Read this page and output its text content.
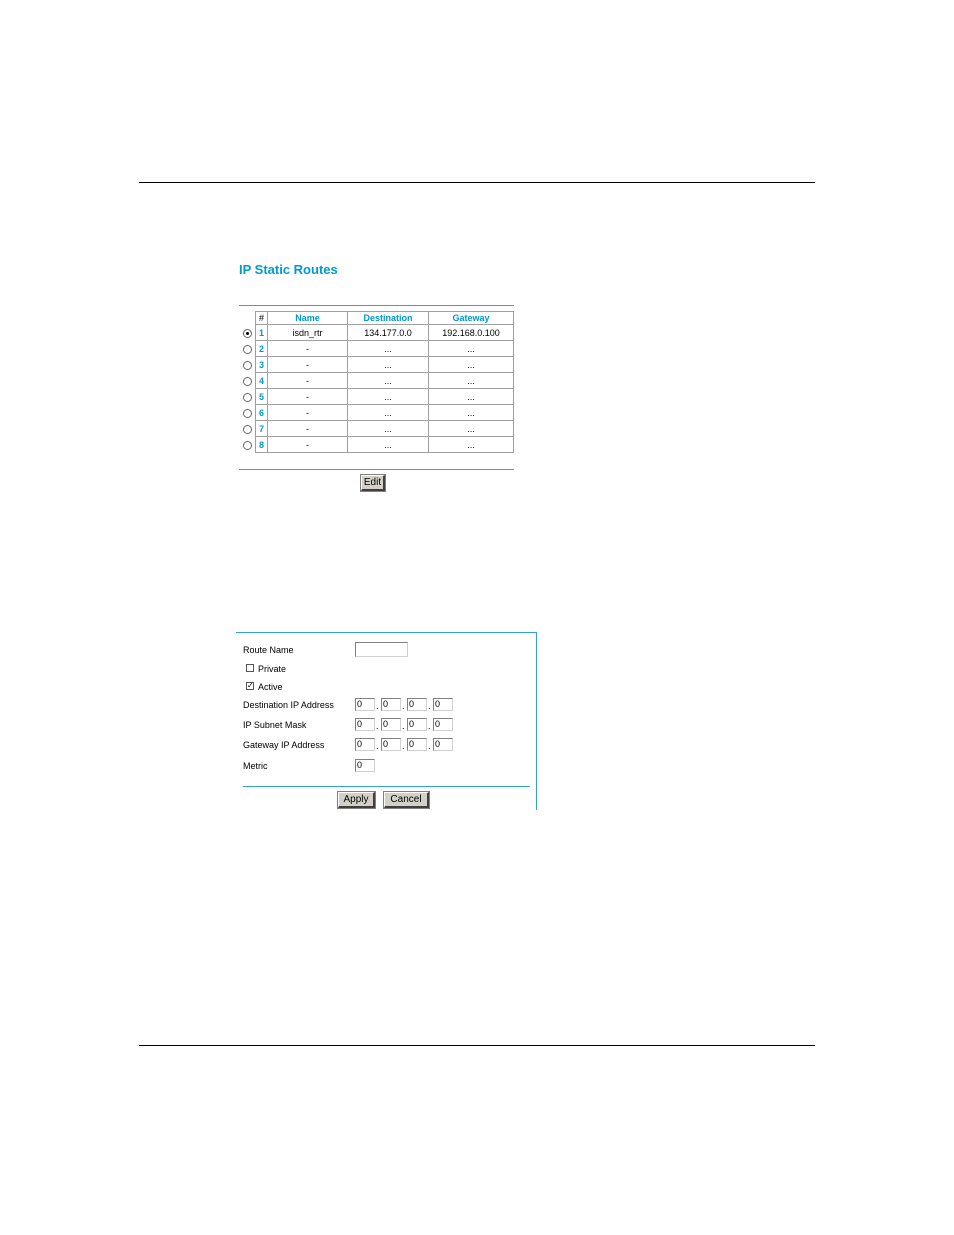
IP Static Routes
	#	Name	Destination	Gateway
	1	isdn_rtr	134.177.0.0	192.168.0.100
	2	-	...	...
	3	-	...	...
	4	-	...	...
	5	-	...	...
	6	-	...	...
	7	-	...	...
	8	-	...	...
Edit
Route Name
Private
✓ Active
Destination IP Address	0	. 0	. 0	. 0
IP Subnet Mask	0	. 0	. 0	. 0
Gateway IP Address	0	. 0	. 0	. 0
Metric	0
Apply	Cancel
